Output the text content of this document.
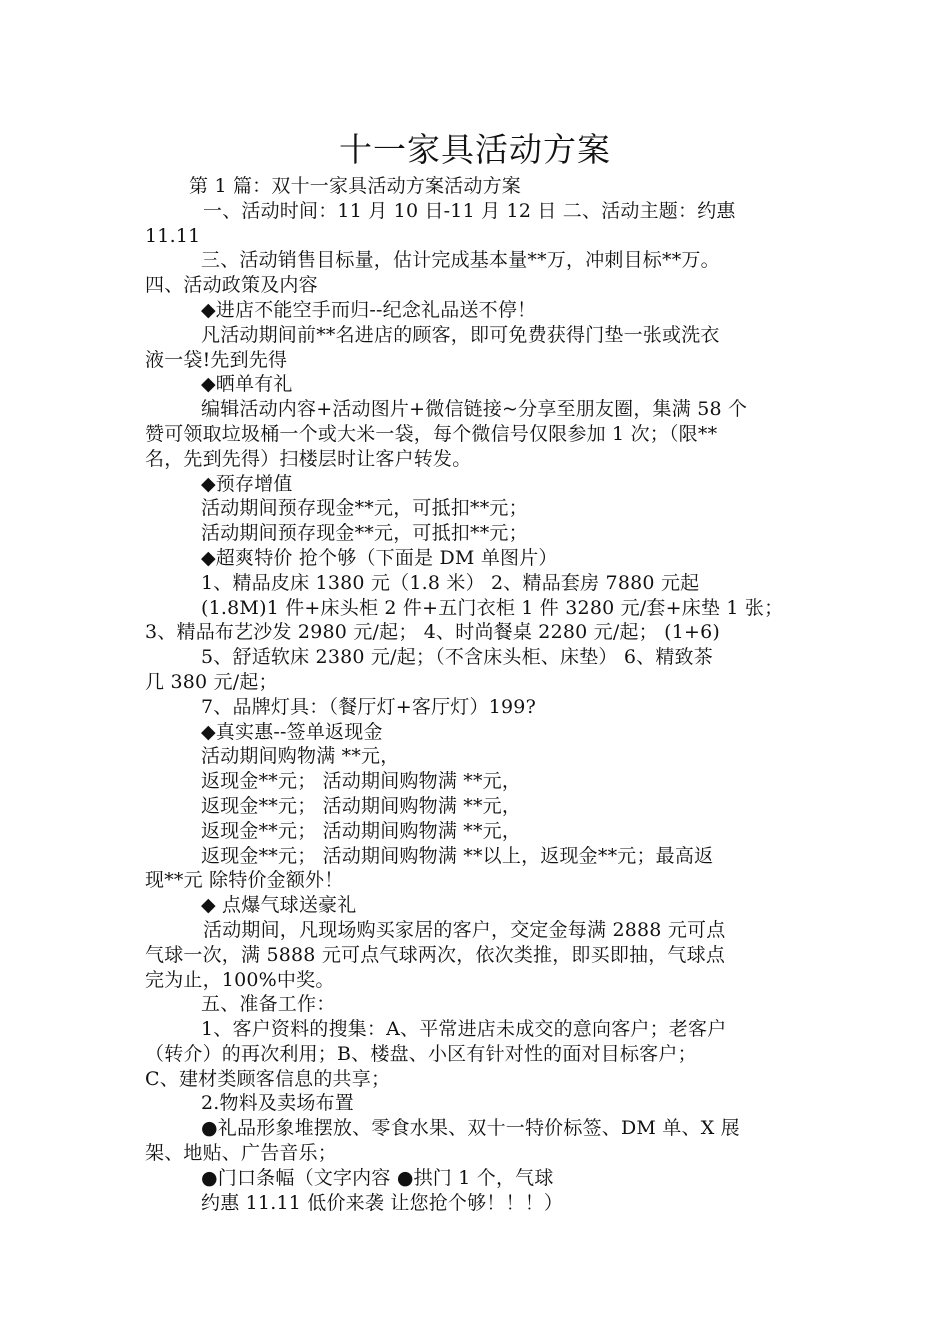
十一家具活动方案

第 1 篇：双十一家具活动方案活动方案

一、活动时间：11 月 10 日-11 月 12 日 二、活动主题：约惠

11.11

三、活动销售目标量，估计完成基本量**万，冲刺目标**万。

四、活动政策及内容

◆进店不能空手而归--纪念礼品送不停！

凡活动期间前**名进店的顾客，即可免费获得门垫一张或洗衣

液一袋!先到先得

◆晒单有礼

编辑活动内容+活动图片+微信链接~分享至朋友圈，集满 58 个

赞可领取垃圾桶一个或大米一袋，每个微信号仅限参加 1 次；（限**

名，先到先得）扫楼层时让客户转发。

◆预存增值

活动期间预存现金**元，可抵扣**元；

活动期间预存现金**元，可抵扣**元；

◆超爽特价 抢个够（下面是 DM 单图片）

1、精品皮床 1380 元（1.8 米） 2、精品套房 7880 元起

(1.8M)1 件+床头柜 2 件+五门衣柜 1 件 3280 元/套+床垫 1 张；

3、精品布艺沙发 2980 元/起； 4、时尚餐桌 2280 元/起； (1+6)

5、舒适软床 2380 元/起；（不含床头柜、床垫） 6、精致茶

几 380 元/起；

7、品牌灯具：（餐厅灯+客厅灯）199?

◆真实惠--签单返现金

活动期间购物满 **元，

返现金**元； 活动期间购物满 **元，

返现金**元； 活动期间购物满 **元，

返现金**元； 活动期间购物满 **元，

返现金**元； 活动期间购物满 **以上，返现金**元；最高返

现**元 除特价金额外！

◆ 点爆气球送豪礼

活动期间，凡现场购买家居的客户，交定金每满 2888 元可点

气球一次，满 5888 元可点气球两次，依次类推，即买即抽，气球点

完为止，100%中奖。

五、准备工作：

1、客户资料的搜集：A、平常进店未成交的意向客户；老客户

（转介）的再次利用；B、楼盘、小区有针对性的面对目标客户；

C、建材类顾客信息的共享；

2.物料及卖场布置

●礼品形象堆摆放、零食水果、双十一特价标签、DM 单、X 展

架、地贴、广告音乐；

●门口条幅（文字内容 ●拱门 1 个，气球

约惠 11.11 低价来袭 让您抢个够！！！）
